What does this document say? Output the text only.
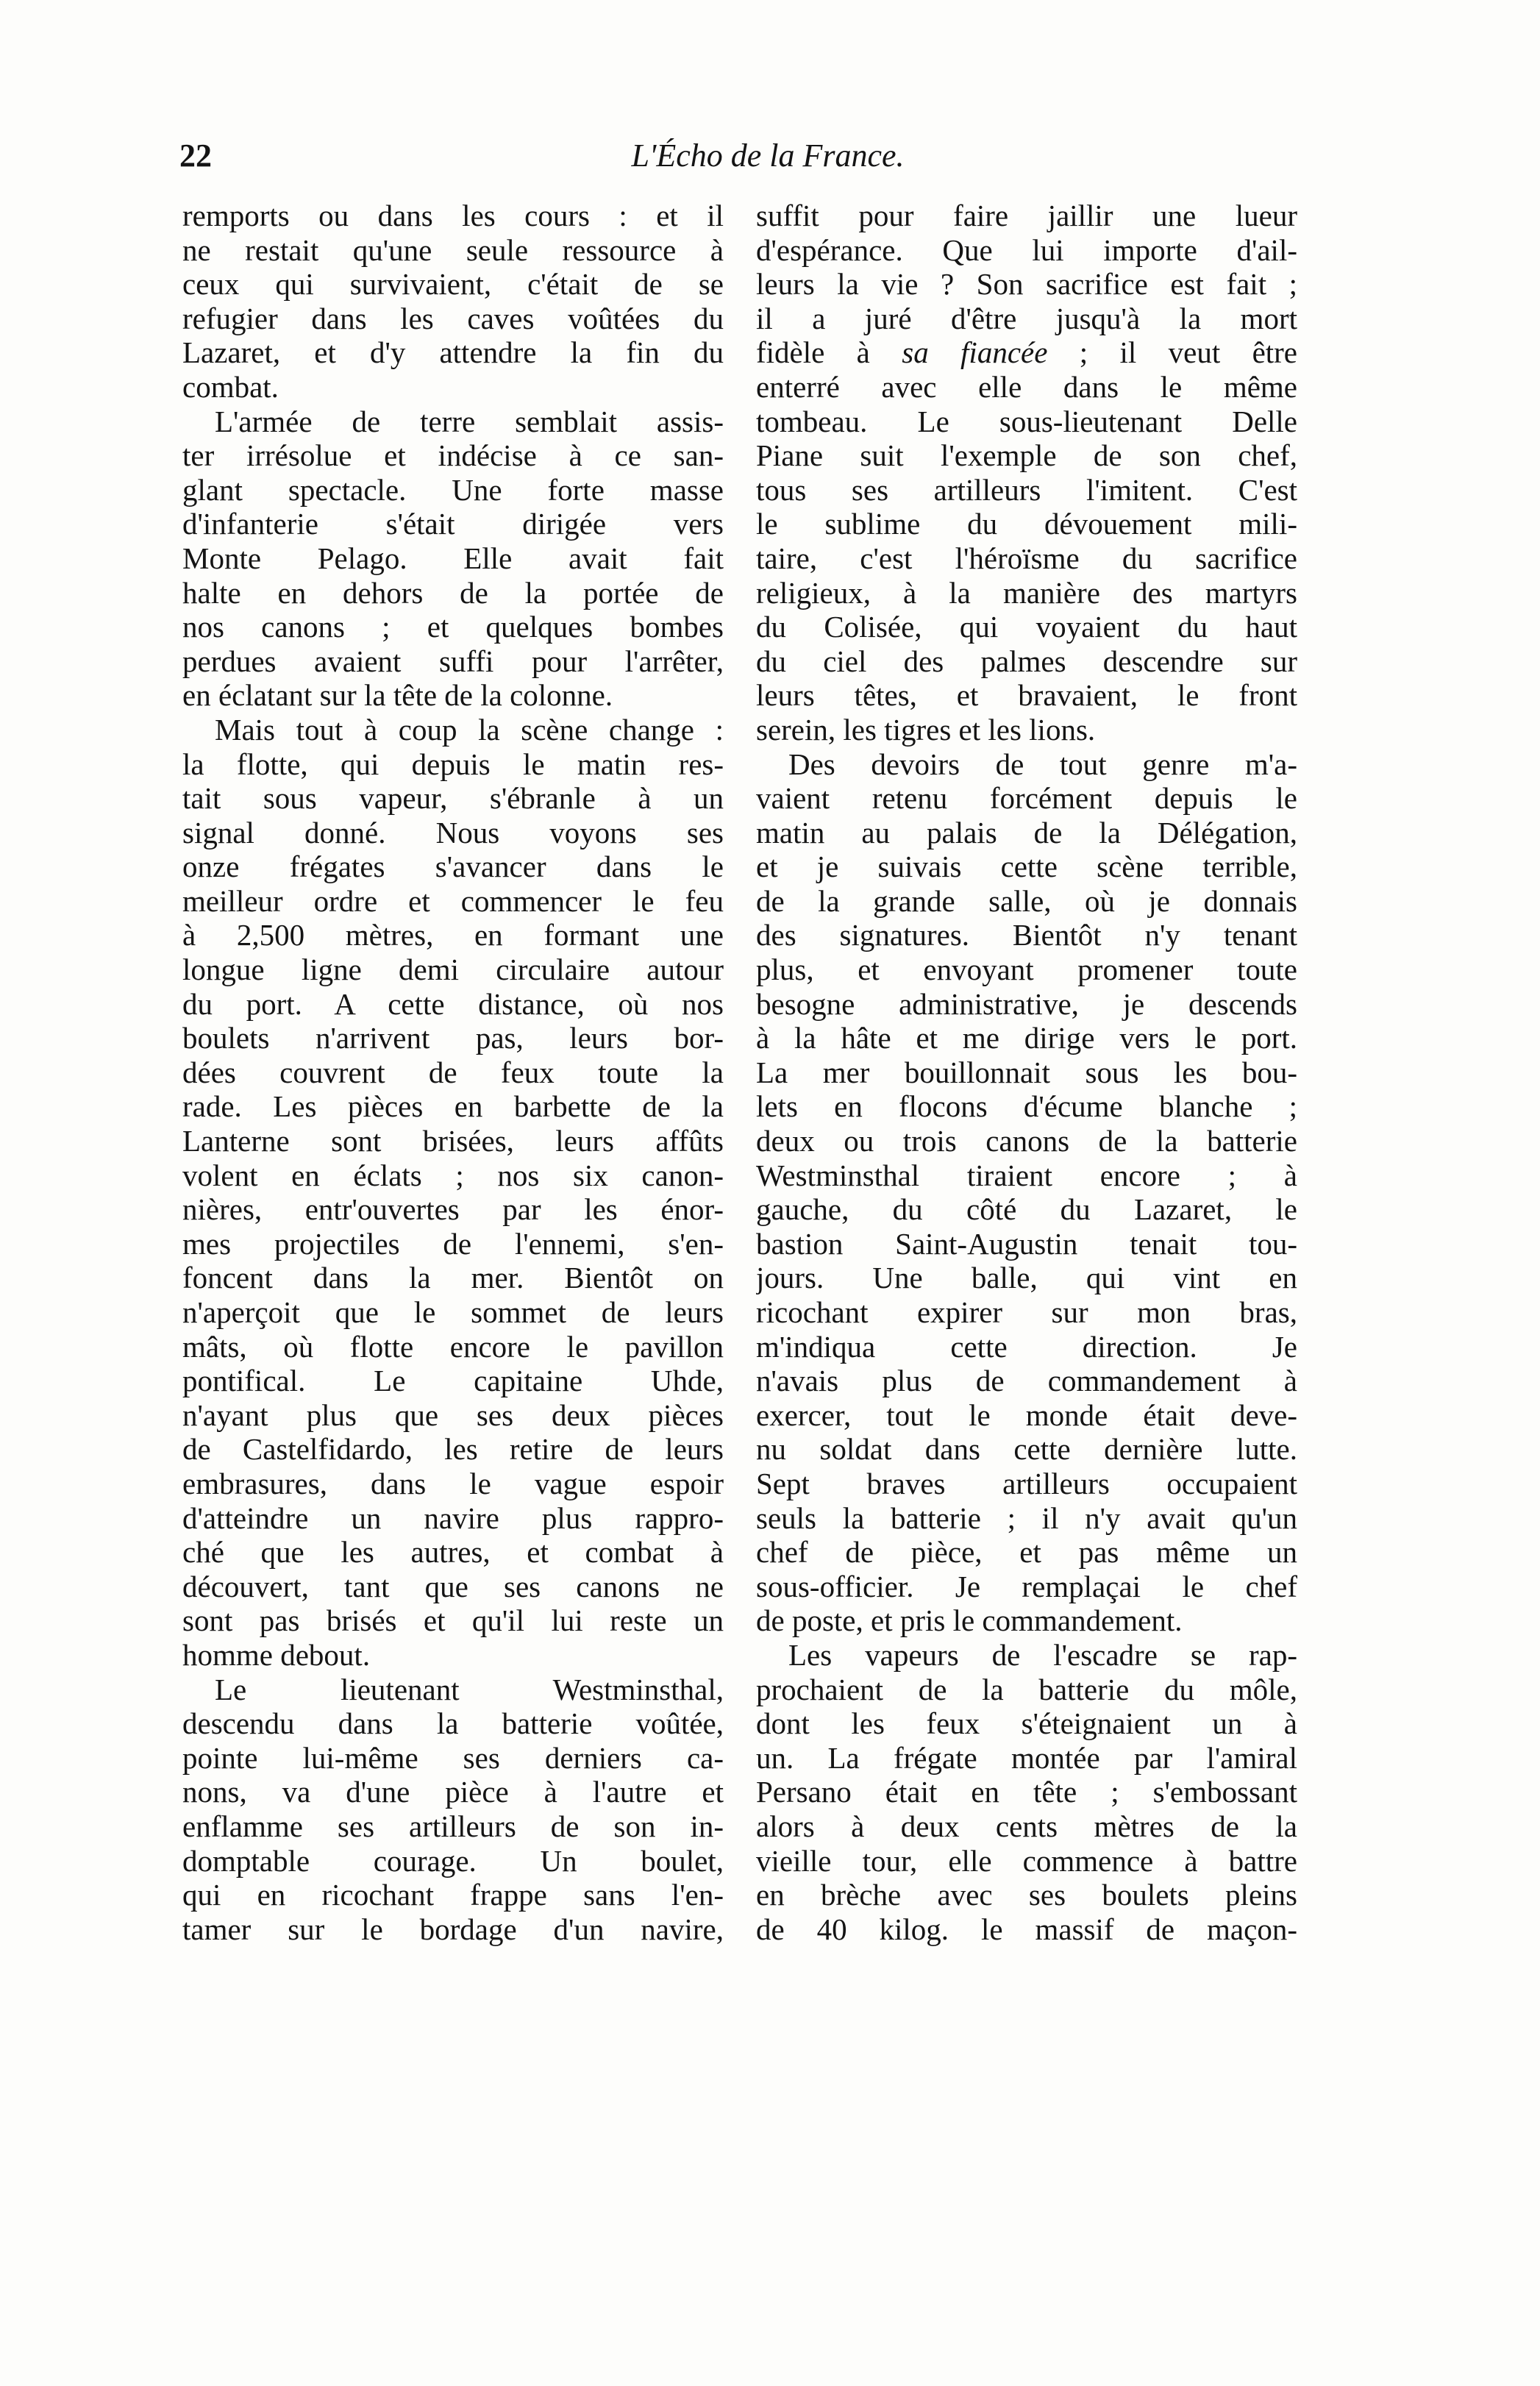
22	L'Écho de la France.
remports ou dans les cours : et il
ne restait qu'une seule ressource à
ceux qui survivaient, c'était de se
refugier dans les caves voûtées du
Lazaret, et d'y attendre la fin du
combat.
L'armée de terre semblait assis-
ter irrésolue et indécise à ce san-
glant spectacle. Une forte masse
d'infanterie s'était dirigée vers
Monte Pelago. Elle avait fait
halte en dehors de la portée de
nos canons ; et quelques bombes
perdues avaient suffi pour l'arrêter,
en éclatant sur la tête de la colonne.
Mais tout à coup la scène change :
la flotte, qui depuis le matin res-
tait sous vapeur, s'ébranle à un
signal donné. Nous voyons ses
onze frégates s'avancer dans le
meilleur ordre et commencer le feu
à 2,500 mètres, en formant une
longue ligne demi circulaire autour
du port. A cette distance, où nos
boulets n'arrivent pas, leurs bor-
dées couvrent de feux toute la
rade. Les pièces en barbette de la
Lanterne sont brisées, leurs affûts
volent en éclats ; nos six canon-
nières, entr'ouvertes par les énor-
mes projectiles de l'ennemi, s'en-
foncent dans la mer. Bientôt on
n'aperçoit que le sommet de leurs
mâts, où flotte encore le pavillon
pontifical. Le capitaine Uhde,
n'ayant plus que ses deux pièces
de Castelfidardo, les retire de leurs
embrasures, dans le vague espoir
d'atteindre un navire plus rappro-
ché que les autres, et combat à
découvert, tant que ses canons ne
sont pas brisés et qu'il lui reste un
homme debout.
Le lieutenant Westminsthal,
descendu dans la batterie voûtée,
pointe lui-même ses derniers ca-
nons, va d'une pièce à l'autre et
enflamme ses artilleurs de son in-
domptable courage. Un boulet,
qui en ricochant frappe sans l'en-
tamer sur le bordage d'un navire,
suffit pour faire jaillir une lueur
d'espérance. Que lui importe d'ail-
leurs la vie ? Son sacrifice est fait ;
il a juré d'être jusqu'à la mort
fidèle à sa fiancée ; il veut être
enterré avec elle dans le même
tombeau. Le sous-lieutenant Delle
Piane suit l'exemple de son chef,
tous ses artilleurs l'imitent. C'est
le sublime du dévouement mili-
taire, c'est l'héroïsme du sacrifice
religieux, à la manière des martyrs
du Colisée, qui voyaient du haut
du ciel des palmes descendre sur
leurs têtes, et bravaient, le front
serein, les tigres et les lions.
Des devoirs de tout genre m'a-
vaient retenu forcément depuis le
matin au palais de la Délégation,
et je suivais cette scène terrible,
de la grande salle, où je donnais
des signatures. Bientôt n'y tenant
plus, et envoyant promener toute
besogne administrative, je descends
à la hâte et me dirige vers le port.
La mer bouillonnait sous les bou-
lets en flocons d'écume blanche ;
deux ou trois canons de la batterie
Westminsthal tiraient encore ; à
gauche, du côté du Lazaret, le
bastion Saint-Augustin tenait tou-
jours. Une balle, qui vint en
ricochant expirer sur mon bras,
m'indiqua cette direction. Je
n'avais plus de commandement à
exercer, tout le monde était deve-
nu soldat dans cette dernière lutte.
Sept braves artilleurs occupaient
seuls la batterie ; il n'y avait qu'un
chef de pièce, et pas même un
sous-officier. Je remplaçai le chef
de poste, et pris le commandement.
Les vapeurs de l'escadre se rap-
prochaient de la batterie du môle,
dont les feux s'éteignaient un à
un. La frégate montée par l'amiral
Persano était en tête ; s'embossant
alors à deux cents mètres de la
vieille tour, elle commence à battre
en brèche avec ses boulets pleins
de 40 kilog. le massif de maçon-
